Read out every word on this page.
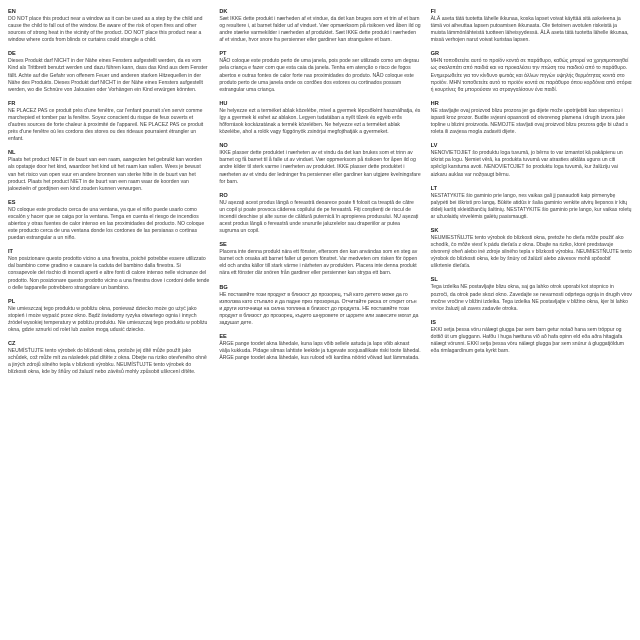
EN
DO NOT place this product near a window as it can be used as a step by the child and cause the child to fall out of the window. Be aware of the risk of open fires and other sources of strong heat in the vicinity of the product. DO NOT place this product near a window where cords from blinds or curtains could strangle a child.
DE
Dieses Produkt darf NICHT in der Nähe eines Fensters aufgestellt werden, da es vom Kind als Trittbrett benutzt werden und dazu führen kann, dass das Kind aus dem Fenster fällt. Achte auf die Gefahr von offenem Feuer und anderen starken Hitzequellen in der Nähe des Produkts. Dieses Produkt darf NICHT in der Nähe eines Fensters aufgestellt werden, wo die Schnüre von Jalousien oder Vorhängen ein Kind erwürgen könnten.
FR
NE PLACEZ PAS ce produit près d'une fenêtre, car l'enfant pourrait s'en servir comme marchepied et tomber par la fenêtre. Soyez conscient du risque de feux ouverts et d'autres sources de forte chaleur à proximité de l'appareil. NE PLACEZ PAS ce produit près d'une fenêtre où les cordons des stores ou des rideaux pourraient étrangler un enfant.
NL
Plaats het product NIET in de buurt van een raam, aangezien het gebruikt kan worden als opstapje door het kind, waardoor het kind uit het raam kan vallen. Wees je bewust van het risico van open vuur en andere bronnen van sterke hitte in de buurt van het product. Plaats het product NIET in de buurt van een raam waar de koorden van jaloezieën of gordijnen een kind zouden kunnen verwurgen.
ES
NO coloque este producto cerca de una ventana, ya que el niño puede usarlo como escalón y hacer que se caiga por la ventana. Tenga en cuenta el riesgo de incendios abiertos y otras fuentes de calor intenso en las proximidades del producto. NO coloque este producto cerca de una ventana donde los cordones de las persianas o cortinas puedan estrangular a un niño.
IT
Non posizionare questo prodotto vicino a una finestra, poiché potrebbe essere utilizzato dal bambino come gradino e causare la caduta del bambino dalla finestra. Si consapevole del rischio di incendi aperti e altre fonti di calore intenso nelle vicinanze del prodotto. Non posizionare questo prodotto vicino a una finestra dove i cordoni delle tende o delle tapparelle potrebbero strangolare un bambino.
PL
Nie umieszczaj tego produktu w pobliżu okna, ponieważ dziecko może go użyć jako stopień i może wypaść przez okno. Bądź świadomy ryzyka otwartego ognia i innych źródeł wysokiej temperatury w pobliżu produktu. Nie umieszczaj tego produktu w pobliżu okna, gdzie sznurki od rolet lub zasłon mogą udusić dziecko.
CZ
NEUMÍSŤUJTE tento výrobek do blízkosti okna, protože jej dítě může použít jako schůdek, což může mít za následek pád dítěte z okna. Dbejte na riziko otevřeného ohně a jiných zdrojů silného tepla v blízkosti výrobku. NEUMÍSŤUJTE tento výrobek do blízkosti okna, kde by šňůry od žaluzií nebo závěsů mohly způsobit uškrcení dítěte.
DK
Sæt IKKE dette produkt i nærheden af et vindue, da det kan bruges som et trin af et barn og resultere i, at barnet falder ud af vinduet. Vær opmærksom på risikoen ved åben ild og andre stærke varmekilder i nærheden af produktet. Sæt IKKE dette produkt i nærheden af et vindue, hvor snore fra persienner eller gardiner kan strangulere et barn.
PT
NÃO coloque este produto perto de uma janela, pois pode ser utilizado como um degrau pela criança e fazer com que esta caia da janela. Tenha em atenção o risco de fogos abertos e outras fontes de calor forte nas proximidades do produto. NÃO coloque este produto perto de uma janela onde os cordões dos estores ou cortinados possam estrangular uma criança.
HU
Ne helyezze ezt a terméket ablak közelébe, mivel a gyermek lépcsőként használhatja, és így a gyermek ki eshet az ablakon. Legyen tudatában a nyílt tűzek és egyéb erős hőforrások kockázatának a termék közelében. Ne helyezze ezt a terméket ablak közelébe, ahol a rolók vagy függönyök zsinórjai megfojthatják a gyermeket.
NO
IKKE plasser dette produktet i nærheten av et vindu da det kan brukes som et trinn av barnet og få barnet til å falle ut av vinduet. Vær oppmerksom på risikoen for åpen ild og andre kilder til sterk varme i nærheten av produktet. IKKE plasser dette produktet i nærheten av et vindu der ledninger fra persienner eller gardiner kan utgjøre kvelningsfare for barn.
RO
NU așezați acest produs lângă o fereastră deoarece poate fi folosit ca treaptă de către un copil și poate provoca căderea copilului de pe fereastră. Fiți conștienți de riscul de incendii deschise și alte surse de căldură puternică în apropierea produsului. NU așezați acest produs lângă o fereastră unde snururile jaluzelelor sau draperiilor ar putea sugruma un copil.
SE
Placera inte denna produkt nära ett fönster, eftersom den kan användas som en steg av barnet och orsaka att barnet faller ut genom fönstret. Var medveten om risken för öppen eld och andra källor till stark värme i närheten av produkten. Placera inte denna produkt nära ett fönster där snören från gardiner eller persienner kan strypa ett barn.
BG
НЕ поставяйте този продукт в близост до прозорец, тъй като детето може да го използва като стъпало и да падне през прозореца. Отчитайте риска от открит огън и други източници на силна топлина в близост до продукта. НЕ поставяйте този продукт в близост до прозорец, където шнуровете от щорите или завесите могат да задушат дете.
EE
ÄRGE pange toodet akna lähedale, kuna laps võib sellele astuda ja laps võib aknast välja kukkuda. Pidage silmas lahtiste leekide ja tugevate soojusallikate riski toote lähedal. ÄRGE pange toodet akna lähedale, kus rulood või kardina nöörid võivad last lämmatada.
FI
ÄLÄ aseta tätä tuotetta lähelle ikkunaa, koska lapset voivat käyttää sitä askeleena ja tämä voi aiheuttaa lapsen putoamisen ikkunasta. Ole tietoinen avotulen riskeistä ja muista lämmönlähteistä tuotteen läheisyydessä. ÄLÄ aseta tätä tuotetta lähelle ikkunaa, missä verhojen narut voivat kuristaa lapsen.
GR
ΜΗΝ τοποθετείτε αυτό το προϊόν κοντά σε παράθυρο, καθώς μπορεί να χρησιμοποιηθεί ως σκαλοπάτι από παιδιά και να προκαλέσει την πτώση του παιδιού από το παράθυρο. Ενημερωθείτε για τον κίνδυνο φωτιάς και άλλων πηγών υψηλής θερμότητας κοντά στο προϊόν. ΜΗΝ τοποθετείτε αυτό το προϊόν κοντά σε παράθυρο όπου κορδόνια από στόρια ή κουρτίνες θα μπορούσαν να στραγγαλίσουν ένα παιδί.
HR
NE stavljajte ovaj proizvod blizu prozora jer ga dijete može upotrijebiti kao stepenicu i ispasti kroz prozor. Budite svjesni opasnosti od otvorenog plamena i drugih izvora jake topline u blizini proizvoda. NEMOJTE stavljati ovaj proizvod blizu prozora gdje bi užad s roleta ili zavjesa mogla zadaviti dijete.
LV
NENOVIETOJIET šo produktu loga tuvumā, jo bērns to var izmantot kā pakāpienu un izkrist pa logu. Ņemiet vērā, ka produkta tuvumā var atrasties atklāta uguns un citi spēcīgi karstuma avoti. NENOVIETOJIET šo produktu loga tuvumā, kur žalūziju vai aizkaru auklas var nožņaugt bērnu.
LT
NESTATYKITE šio gaminio prie lango, nes vaikas gali jį panaudoti kaip pirmenybę palypėti bei iškristi pro langą. Būkite atidūs ir šalia gaminio venkite atvirų liepsnos ir kitų didelį karštį skleidžiančių šaltinių. NESTATYKITE šio gaminio prie lango, kur vaikas roletų ar užuolaidų virvelėmis galėtų pasismaugti.
SK
NEUMIESTŇUJTE tento výrobok do blízkosti okna, pretože ho dieťa môže použiť ako schodík, čo môže viesť k pádu dieťaťa z okna. Dbajte na riziko, ktoré predstavuje otvorený oheň alebo iné zdroje silného tepla v blízkosti výrobku. NEUMIESTŇUJTE tento výrobok do blízkosti okna, kde by šnúry od žalúzií alebo závesov mohli spôsobiť uškrtenie dieťaťa.
SL
Tega izdelka NE postavljajte blizu okna, saj ga lahko otrok uporabi kot stopnico in pozroči, da otrok pade skozi okno. Zavedajte se nevarnosti odprtega ognja in drugih virov močne vročine v bližini izdelka. Tega izdelka NE postavljajte v bližino okna, kjer bi lahko vrvice žaluzij ali zaves zadavile otroka.
IS
EKKI setja þessa vöru nálægt glugga þar sem barn getur notað hana sem tröppur og dottið út um gluggann. Hafðu í huga hættuna við að hafa opinn eld eða aðra hitagjafa nálægt vörunni. EKKI setja þessa vöru nálægt glugga þar sem snúrur á gluggatjöldum eða rimlagardínum geta kyrkt barn.
